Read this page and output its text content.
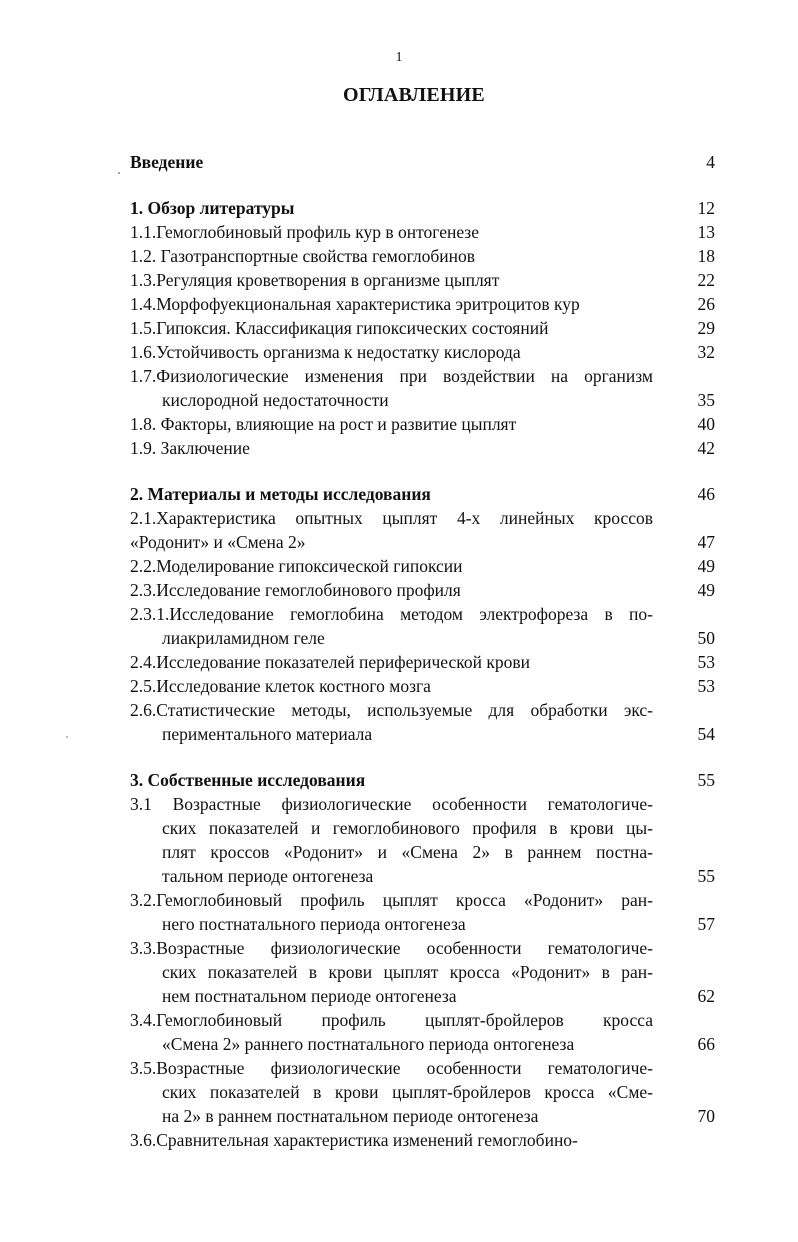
1
ОГЛАВЛЕНИЕ
Введение	4
1. Обзор литературы	12
1.1.Гемоглобиновый профиль кур в онтогенезе	13
1.2. Газотранспортные свойства гемоглобинов	18
1.3.Регуляция кроветворения в организме цыплят	22
1.4.Морфофуекциональная характеристика эритроцитов кур	26
1.5.Гипоксия. Классификация гипоксических состояний	29
1.6.Устойчивость организма к недостатку кислорода	32
1.7.Физиологические изменения при воздействии на организм
кислородной недостаточности	35
1.8. Факторы, влияющие на рост и развитие цыплят	40
1.9. Заключение	42
2. Материалы и методы исследования	46
2.1.Характеристика опытных цыплят 4-х линейных кроссов
«Родонит» и «Смена 2»	47
2.2.Моделирование гипоксической гипоксии	49
2.3.Исследование гемоглобинового профиля	49
2.3.1.Исследование гемоглобина методом электрофореза в по-
лиакриламидном геле	50
2.4.Исследование показателей периферической крови	53
2.5.Исследование клеток костного мозга	53
2.6.Статистические методы, используемые для обработки экс-
периментального материала	54
3. Собственные исследования	55
3.1 Возрастные физиологические особенности гематологиче-
ских показателей и гемоглобинового профиля в крови цы-
плят кроссов «Родонит» и «Смена 2» в раннем постна-
тальном периоде онтогенеза	55
3.2.Гемоглобиновый профиль цыплят кросса «Родонит» ран-
него постнатального периода онтогенеза	57
3.3.Возрастные физиологические особенности гематологиче-
ских показателей в крови цыплят кросса «Родонит» в ран-
нем постнатальном периоде онтогенеза	62
3.4.Гемоглобиновый профиль цыплят-бройлеров кросса
«Смена 2» раннего постнатального периода онтогенеза	66
3.5.Возрастные физиологические особенности гематологиче-
ских показателей в крови цыплят-бройлеров кросса «Сме-
на 2» в раннем постнатальном периоде онтогенеза	70
3.6.Сравнительная характеристика изменений гемоглобино-
